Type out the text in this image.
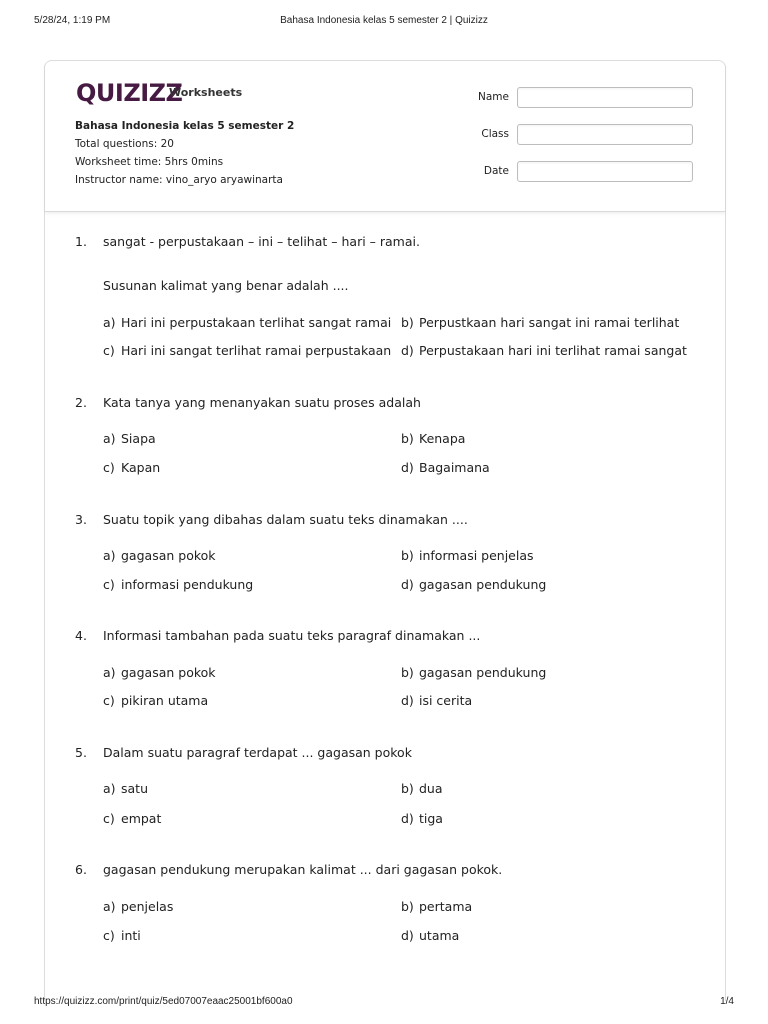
5/28/24, 1:19 PM	Bahasa Indonesia kelas 5 semester 2 | Quizizz
QUIZIZZ
Worksheets
Bahasa Indonesia kelas 5 semester 2
Total questions: 20
Worksheet time: 5hrs 0mins
Instructor name: vino_aryo aryawinarta
Name
Class
Date
1. sangat - perpustakaan – ini – telihat – hari – ramai.
Susunan kalimat yang benar adalah ....
a) Hari ini perpustakaan terlihat sangat ramai b) Perpustkaan hari sangat ini ramai terlihat
c) Hari ini sangat terlihat ramai perpustakaan d) Perpustakaan hari ini terlihat ramai sangat
2. Kata tanya yang menanyakan suatu proses adalah
a) Siapa	b) Kenapa
c) Kapan	d) Bagaimana
3. Suatu topik yang dibahas dalam suatu teks dinamakan ....
a) gagasan pokok	b) informasi penjelas
c) informasi pendukung	d) gagasan pendukung
4. Informasi tambahan pada suatu teks paragraf dinamakan ...
a) gagasan pokok	b) gagasan pendukung
c) pikiran utama	d) isi cerita
5. Dalam suatu paragraf terdapat ... gagasan pokok
a) satu	b) dua
c) empat	d) tiga
6. gagasan pendukung merupakan kalimat ... dari gagasan pokok.
a) penjelas	b) pertama
c) inti	d) utama
https://quizizz.com/print/quiz/5ed07007eaac25001bf600a0	1/4
